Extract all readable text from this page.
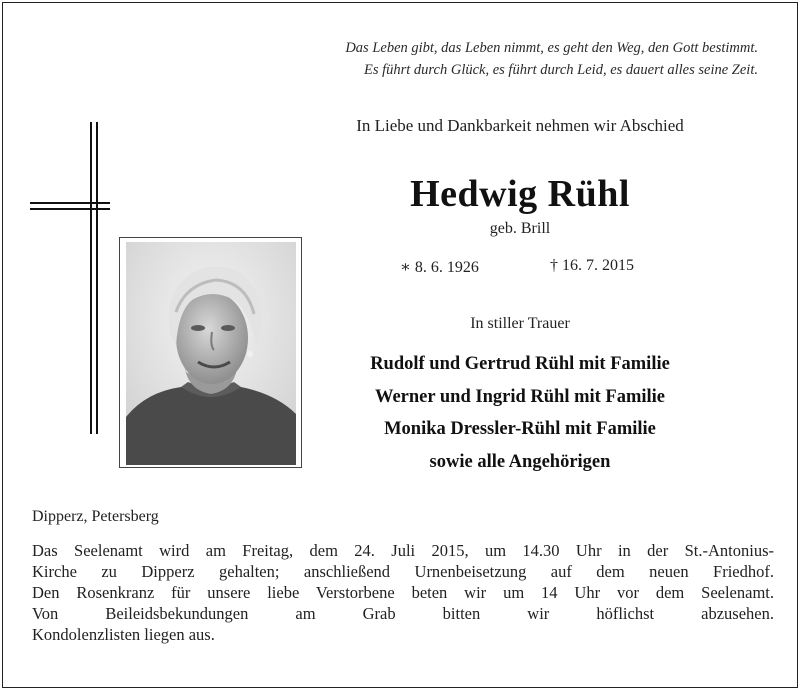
Das Leben gibt, das Leben nimmt, es geht den Weg, den Gott bestimmt.
Es führt durch Glück, es führt durch Leid, es dauert alles seine Zeit.
In Liebe und Dankbarkeit nehmen wir Abschied
Hedwig Rühl
geb. Brill
∗ 8. 6. 1926	† 16. 7. 2015
In stiller Trauer
Rudolf und Gertrud Rühl mit Familie
Werner und Ingrid Rühl mit Familie
Monika Dressler-Rühl mit Familie
sowie alle Angehörigen
Dipperz, Petersberg
Das Seelenamt wird am Freitag, dem 24. Juli 2015, um 14.30 Uhr in der St.-Antonius-
Kirche zu Dipperz gehalten; anschließend Urnenbeisetzung auf dem neuen Friedhof.
Den Rosenkranz für unsere liebe Verstorbene beten wir um 14 Uhr vor dem Seelenamt.
Von Beileidsbekundungen am Grab bitten wir höflichst abzusehen.
Kondolenzlisten liegen aus.
